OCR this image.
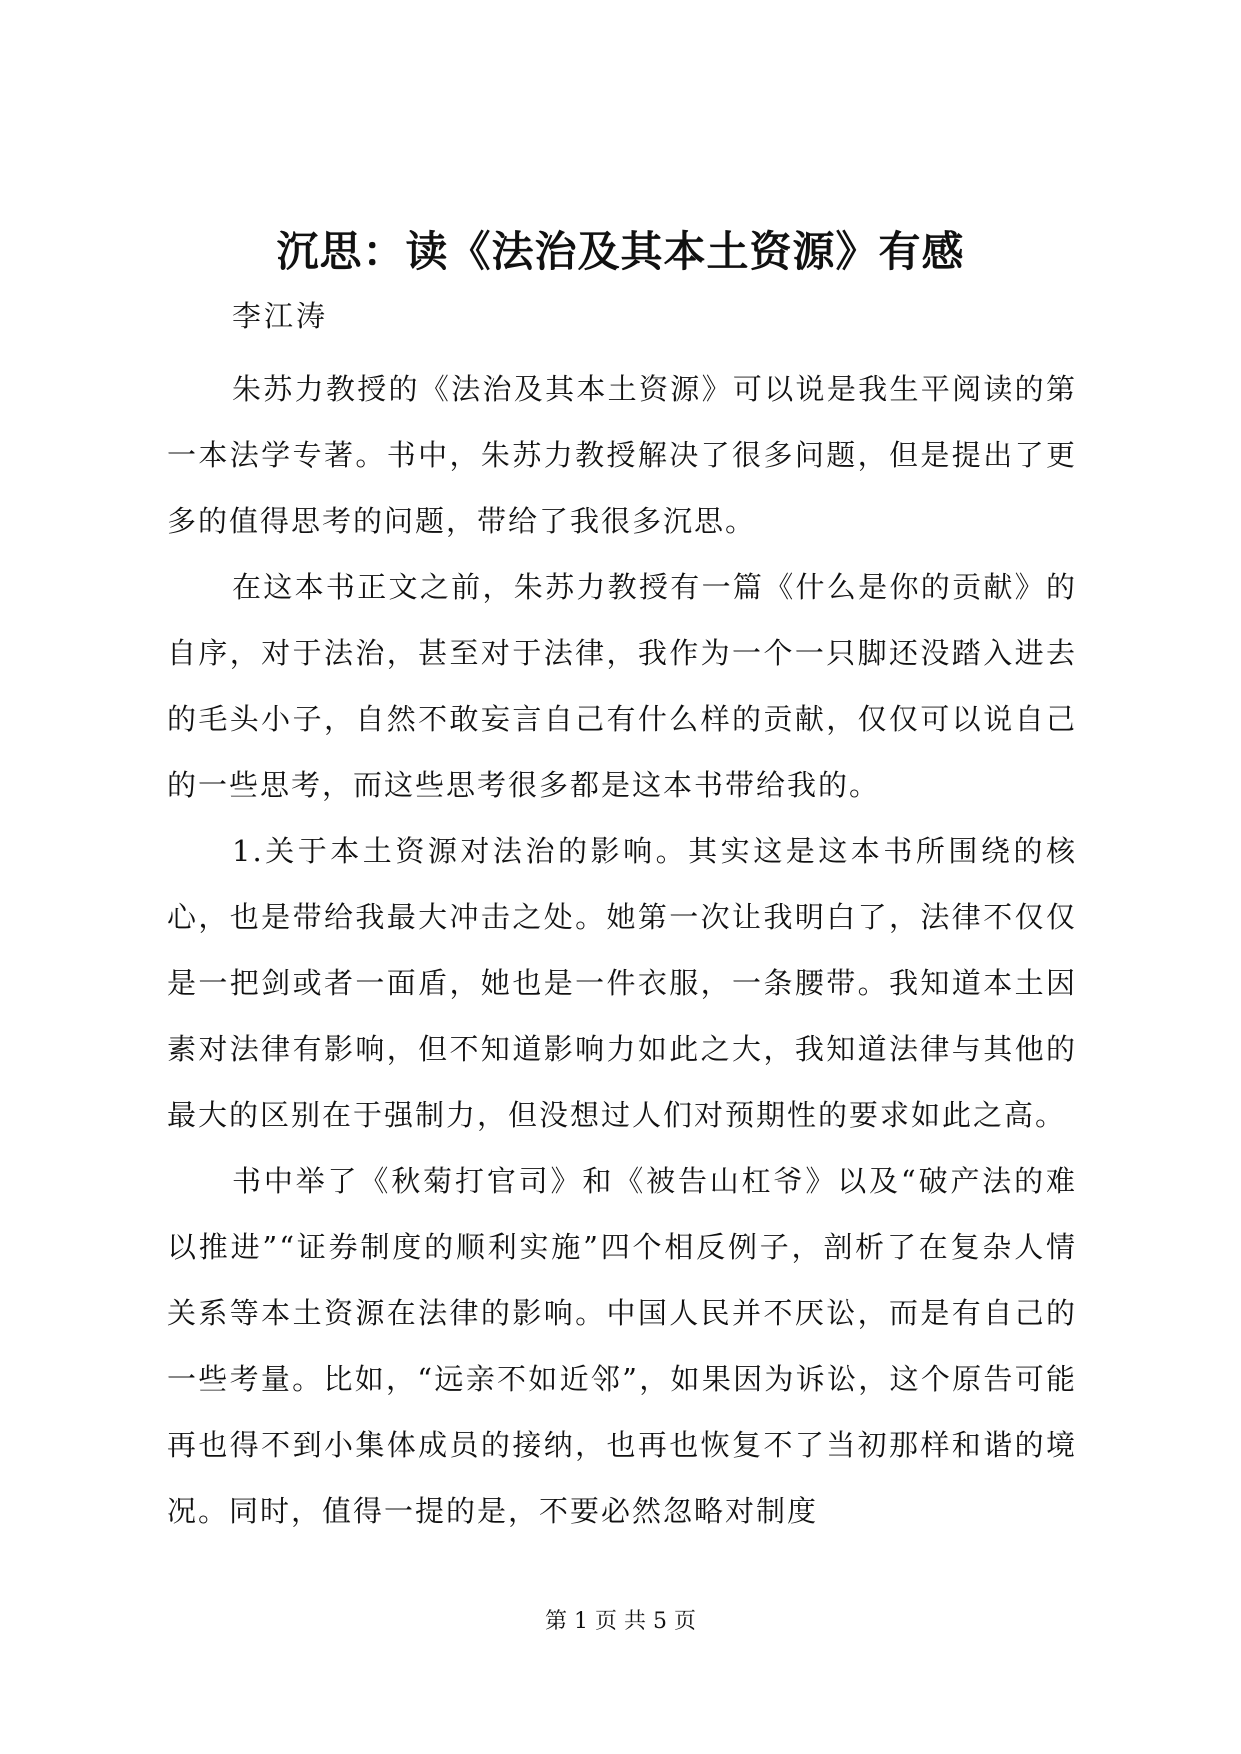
沉思：读《法治及其本土资源》有感
李江涛

朱苏力教授的《法治及其本土资源》可以说是我生平阅读的第一本法学专著。书中，朱苏力教授解决了很多问题，但是提出了更多的值得思考的问题，带给了我很多沉思。

在这本书正文之前，朱苏力教授有一篇《什么是你的贡献》的自序，对于法治，甚至对于法律，我作为一个一只脚还没踏入进去的毛头小子，自然不敢妄言自己有什么样的贡献，仅仅可以说自己的一些思考，而这些思考很多都是这本书带给我的。

1.关于本土资源对法治的影响。其实这是这本书所围绕的核心，也是带给我最大冲击之处。她第一次让我明白了，法律不仅仅是一把剑或者一面盾，她也是一件衣服，一条腰带。我知道本土因素对法律有影响，但不知道影响力如此之大，我知道法律与其他的最大的区别在于强制力，但没想过人们对预期性的要求如此之高。

书中举了《秋菊打官司》和《被告山杠爷》以及“破产法的难以推进”“证券制度的顺利实施”四个相反例子，剖析了在复杂人情关系等本土资源在法律的影响。中国人民并不厌讼，而是有自己的一些考量。比如，“远亲不如近邻”，如果因为诉讼，这个原告可能再也得不到小集体成员的接纳，也再也恢复不了当初那样和谐的境况。同时，值得一提的是，不要必然忽略对制度

第 1 页 共 5 页
